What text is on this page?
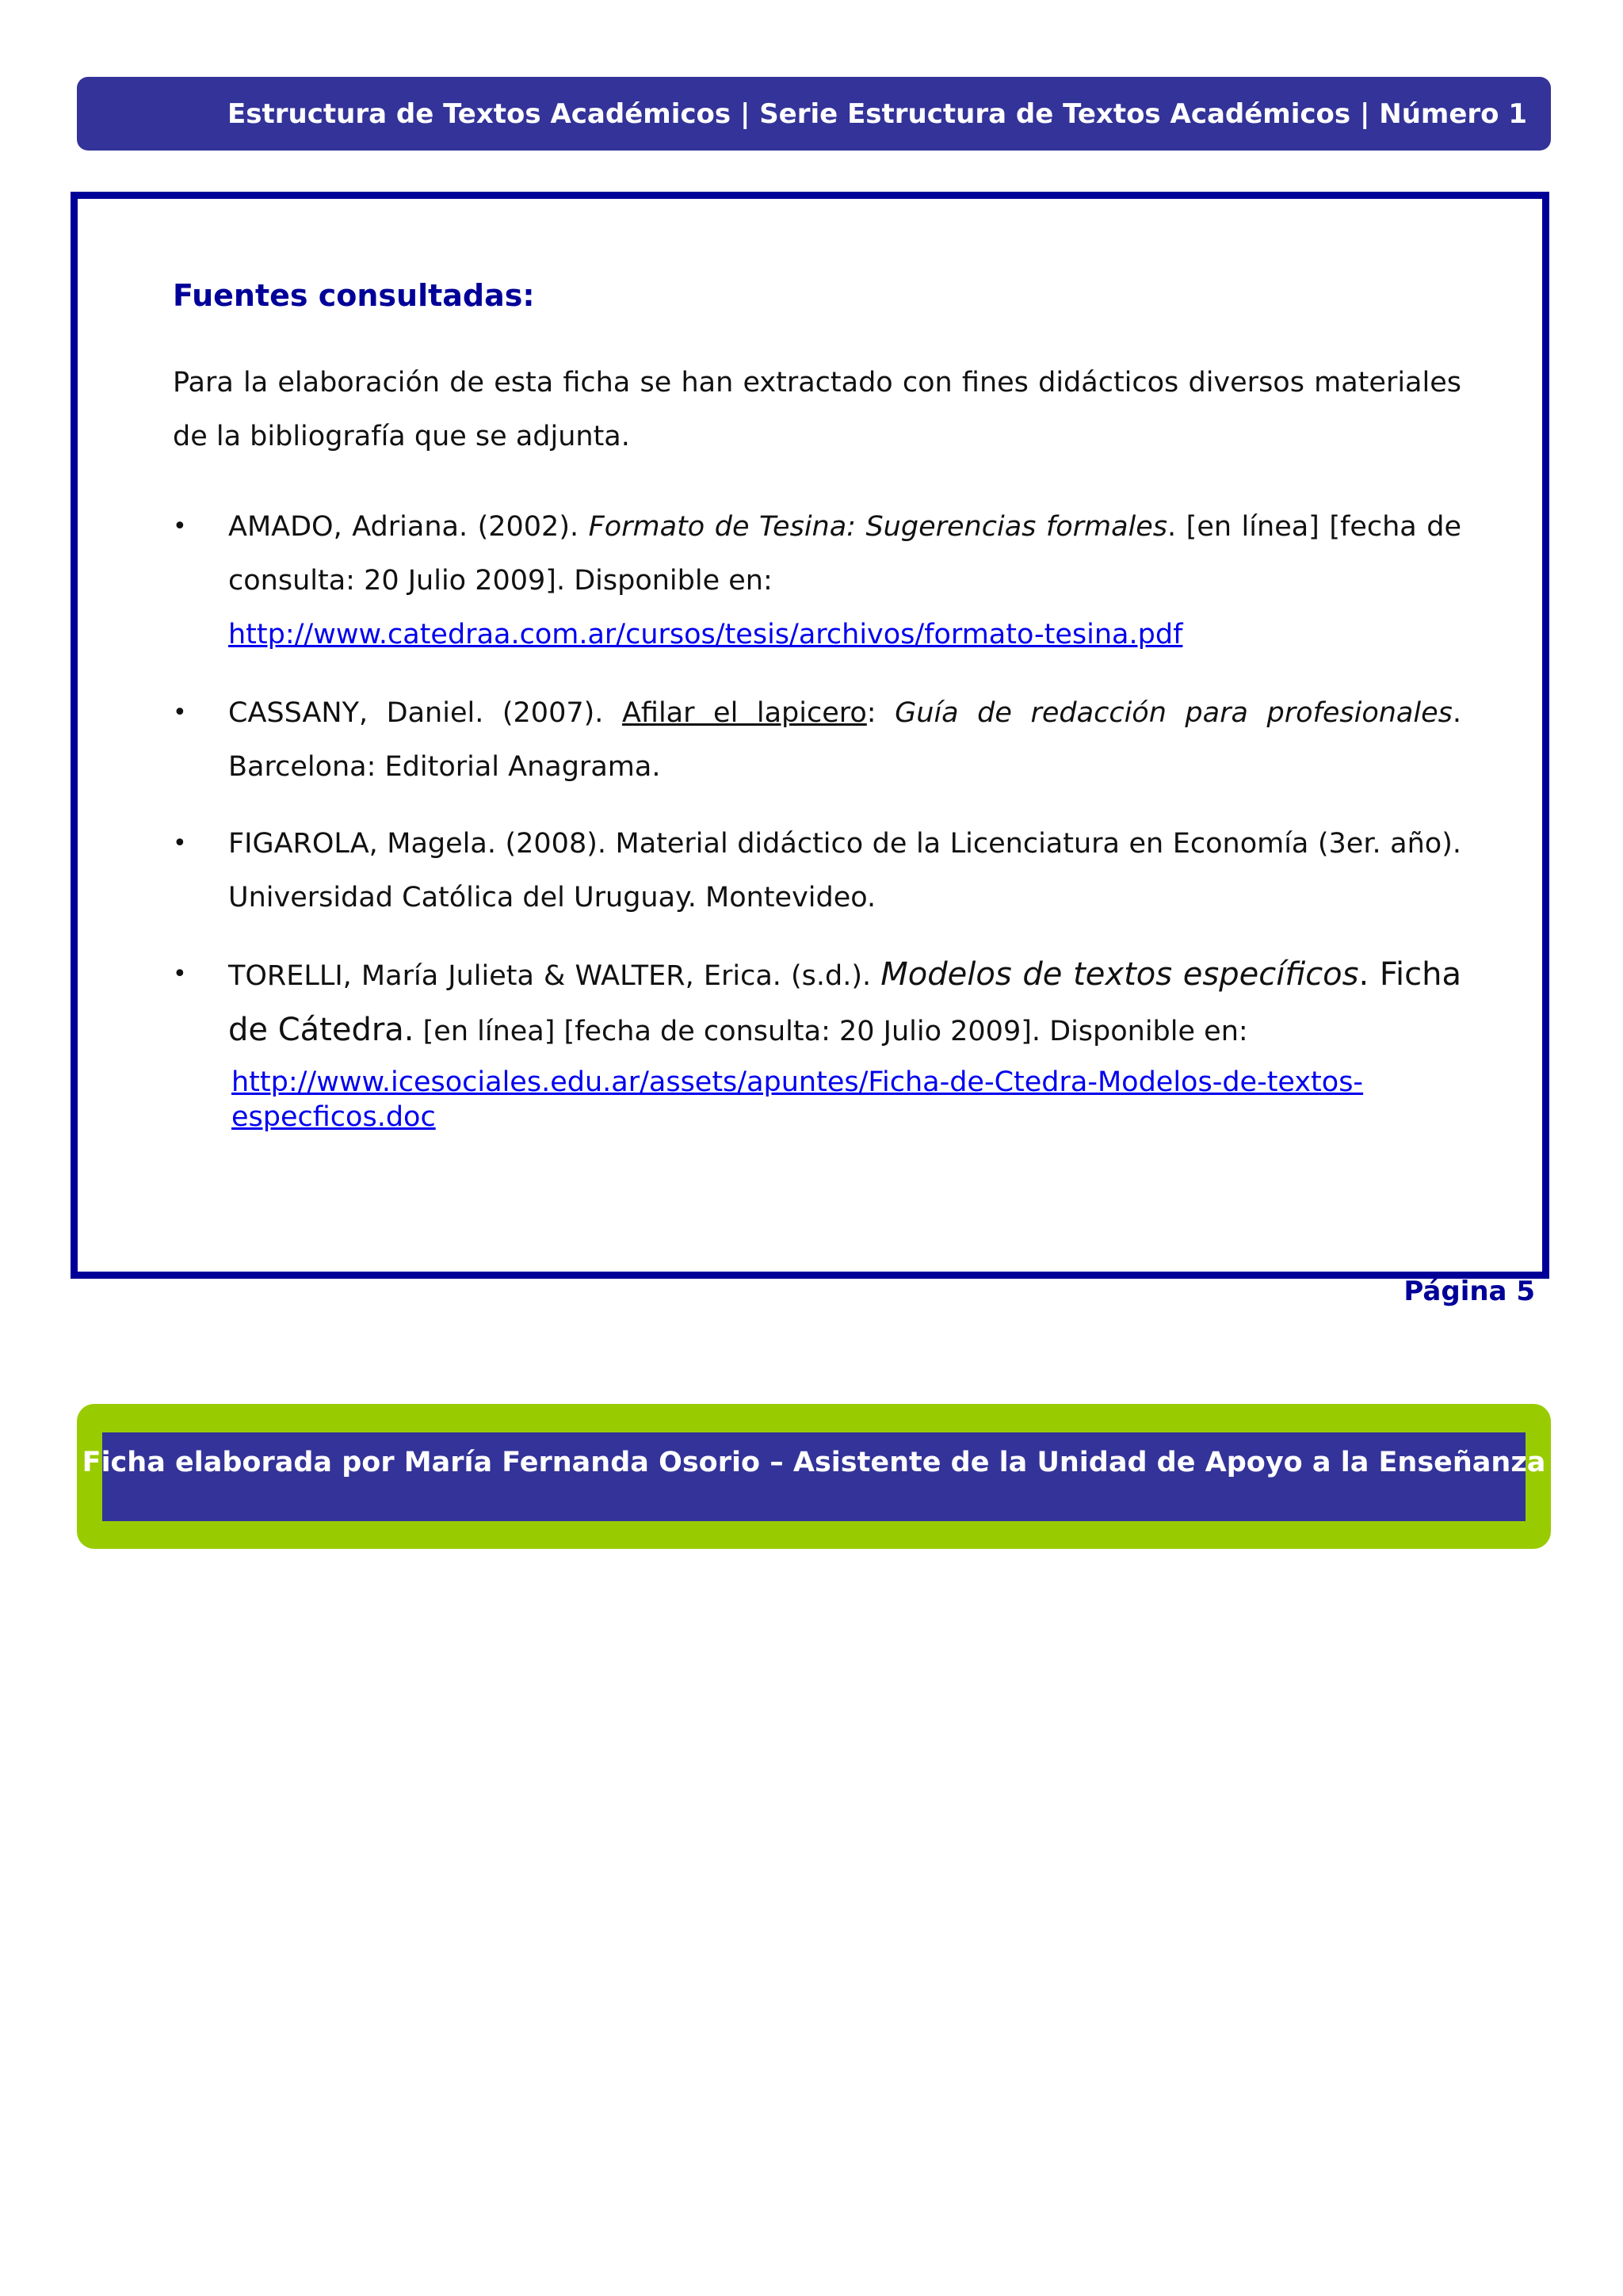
Estructura de Textos Académicos | Serie Estructura de Textos Académicos | Número 1
Fuentes consultadas:

Para la elaboración de esta ficha se han extractado con fines didácticos diversos materiales de la bibliografía que se adjunta.

• AMADO, Adriana. (2002). Formato de Tesina: Sugerencias formales. [en línea] [fecha de consulta: 20 Julio 2009]. Disponible en:
http://www.catedraa.com.ar/cursos/tesis/archivos/formato-tesina.pdf
• CASSANY, Daniel. (2007). Afilar el lapicero: Guía de redacción para profesionales. Barcelona: Editorial Anagrama.
• FIGAROLA, Magela. (2008). Material didáctico de la Licenciatura en Economía (3er. año). Universidad Católica del Uruguay. Montevideo.
• TORELLI, María Julieta & WALTER, Erica. (s.d.). Modelos de textos específicos. Ficha de Cátedra. [en línea] [fecha de consulta: 20 Julio 2009]. Disponible en:
http://www.icesociales.edu.ar/assets/apuntes/Ficha-de-Ctedra-Modelos-de-textos-
especficos.doc
Página 5
Ficha elaborada por María Fernanda Osorio – Asistente de la Unidad de Apoyo a la Enseñanza
